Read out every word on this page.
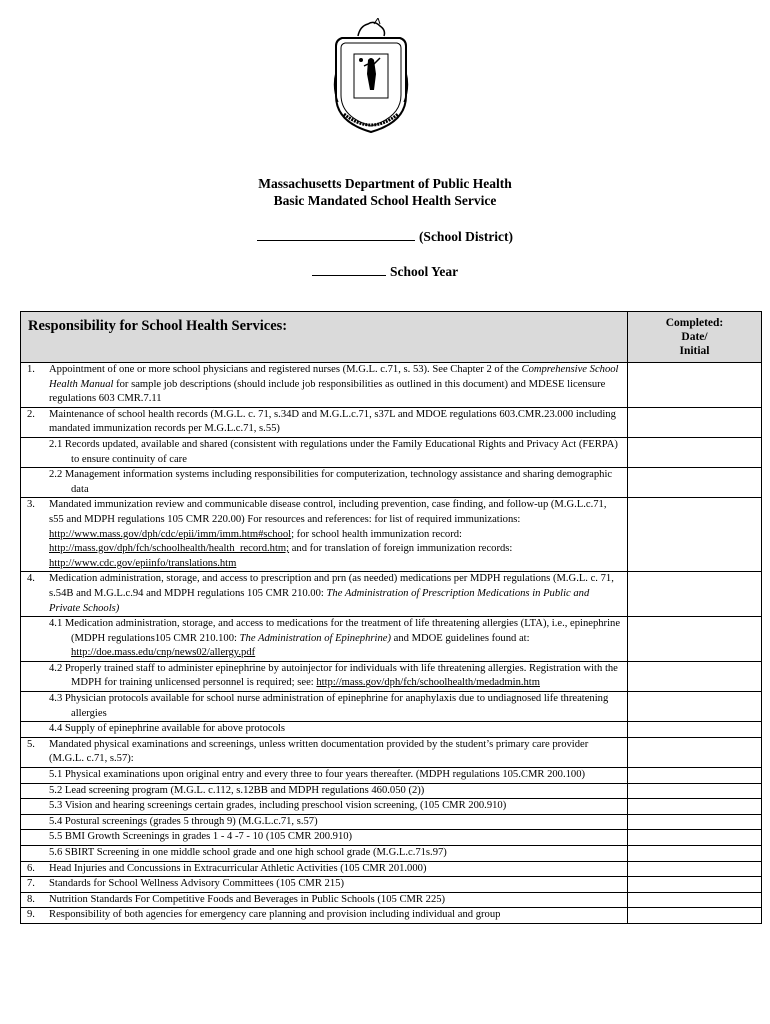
Massachusetts Department of Public Health
Basic Mandated School Health Service
(School District)
School Year
Responsibility for School Health Services:	Completed:
Date/
Initial

1. Appointment of one or more school physicians and registered nurses (M.G.L. c.71, s. 53). See Chapter 2 of the Comprehensive School Health Manual for sample job descriptions (should include job responsibilities as outlined in this document) and MDESE licensure regulations 603 CMR.7.11	

2. Maintenance of school health records (M.G.L. c. 71, s.34D and M.G.L.c.71, s37L and MDOE regulations 603.CMR.23.000 including mandated immunization records per M.G.L.c.71, s.55)	

2.1 Records updated, available and shared (consistent with regulations under the Family Educational Rights and Privacy Act (FERPA) to ensure continuity of care	

2.2 Management information systems including responsibilities for computerization, technology assistance and sharing demographic data	

3. Mandated immunization review and communicable disease control, including prevention, case finding, and follow-up (M.G.L.c.71, s55 and MDPH regulations 105 CMR 220.00) For resources and references: for list of required immunizations: http://www.mass.gov/dph/cdc/epii/imm/imm.htm#school; for school health immunization record: http://mass.gov/dph/fch/schoolhealth/health_record.htm; and for translation of foreign immunization records: http://www.cdc.gov/epiinfo/translations.htm	

4. Medication administration, storage, and access to prescription and prn (as needed) medications per MDPH regulations (M.G.L. c. 71, s.54B and M.G.L.c.94 and MDPH regulations 105 CMR 210.00: The Administration of Prescription Medications in Public and Private Schools)	

4.1 Medication administration, storage, and access to medications for the treatment of life threatening allergies (LTA), i.e., epinephrine (MDPH regulations105 CMR 210.100: The Administration of Epinephrine) and MDOE guidelines found at: http://doe.mass.edu/cnp/news02/allergy.pdf	

4.2 Properly trained staff to administer epinephrine by autoinjector for individuals with life threatening allergies. Registration with the MDPH for training unlicensed personnel is required; see: http://mass.gov/dph/fch/schoolhealth/medadmin.htm	

4.3 Physician protocols available for school nurse administration of epinephrine for anaphylaxis due to undiagnosed life threatening allergies	

4.4 Supply of epinephrine available for above protocols	

5. Mandated physical examinations and screenings, unless written documentation provided by the student’s primary care provider (M.G.L. c.71, s.57):	

5.1 Physical examinations upon original entry and every three to four years thereafter. (MDPH regulations 105.CMR 200.100)	

5.2 Lead screening program (M.G.L. c.112, s.12BB and MDPH regulations 460.050 (2))	

5.3 Vision and hearing screenings certain grades, including preschool vision screening, (105 CMR 200.910)	

5.4 Postural screenings (grades 5 through 9) (M.G.L.c.71, s.57)	

5.5 BMI Growth Screenings in grades 1 - 4 -7 - 10 (105 CMR 200.910)	

5.6 SBIRT Screening in one middle school grade and one high school grade (M.G.L.c.71s.97)	

6. Head Injuries and Concussions in Extracurricular Athletic Activities (105 CMR 201.000)	

7. Standards for School Wellness Advisory Committees (105 CMR 215)	

8. Nutrition Standards For Competitive Foods and Beverages in Public Schools (105 CMR 225)	

9. Responsibility of both agencies for emergency care planning and provision including individual and group	
